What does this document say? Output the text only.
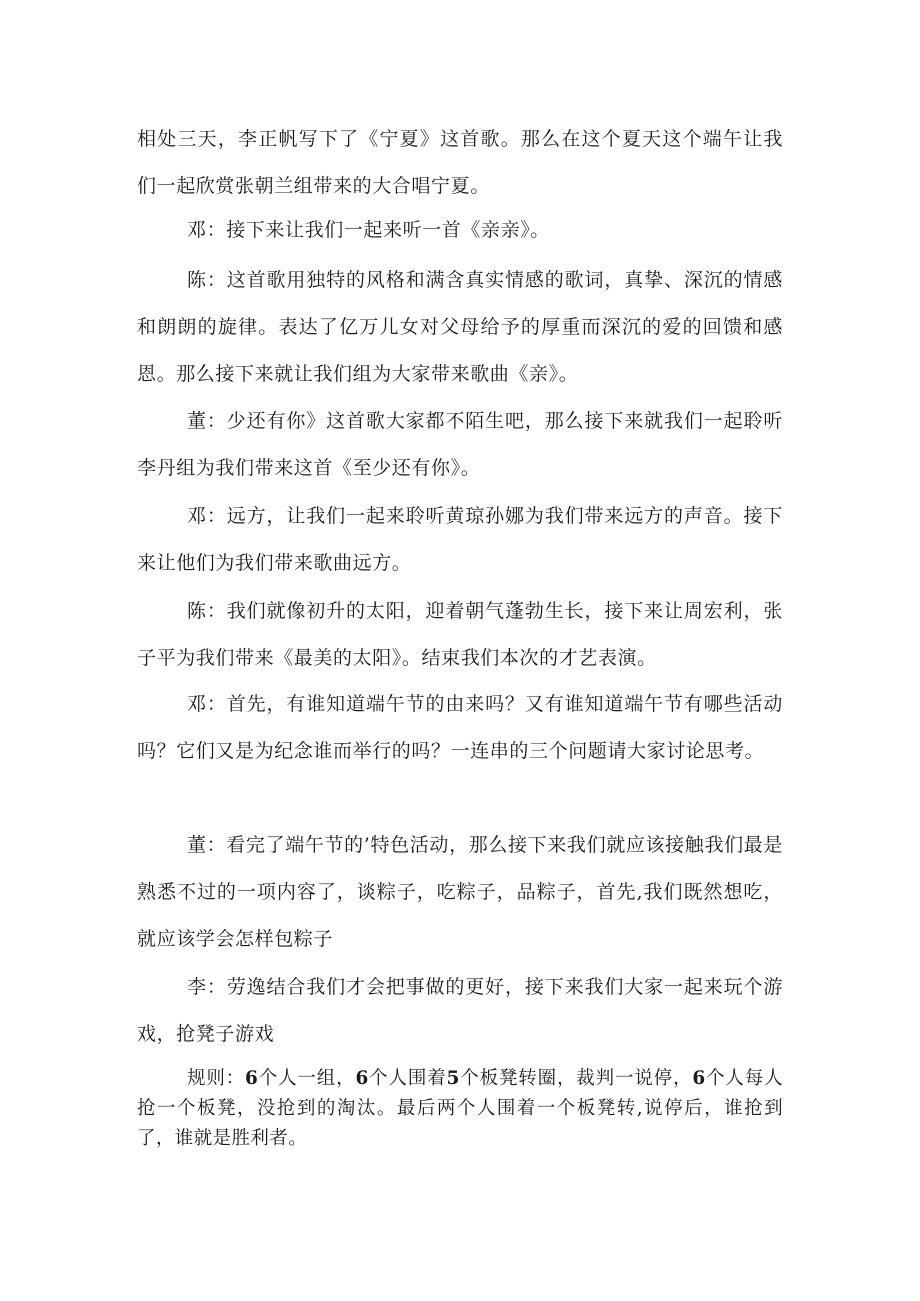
相处三天，李正帆写下了《宁夏》这首歌。那么在这个夏天这个端午让我们一起欣赏张朝兰组带来的大合唱宁夏。

邓：接下来让我们一起来听一首《亲亲》。

陈：这首歌用独特的风格和满含真实情感的歌词，真挚、深沉的情感和朗朗的旋律。表达了亿万儿女对父母给予的厚重而深沉的爱的回馈和感恩。那么接下来就让我们组为大家带来歌曲《亲》。

董：少还有你》这首歌大家都不陌生吧，那么接下来就我们一起聆听李丹组为我们带来这首《至少还有你》。

邓：远方，让我们一起来聆听黄琼孙娜为我们带来远方的声音。接下来让他们为我们带来歌曲远方。

陈：我们就像初升的太阳，迎着朝气蓬勃生长，接下来让周宏利，张子平为我们带来《最美的太阳》。结束我们本次的才艺表演。

邓：首先，有谁知道端午节的由来吗？又有谁知道端午节有哪些活动吗？它们又是为纪念谁而举行的吗？一连串的三个问题请大家讨论思考。

董：看完了端午节的’特色活动，那么接下来我们就应该接触我们最是熟悉不过的一项内容了，谈粽子，吃粽子，品粽子，首先,我们既然想吃，就应该学会怎样包粽子

李：劳逸结合我们才会把事做的更好，接下来我们大家一起来玩个游戏，抢凳子游戏

规则：6个人一组，6个人围着5个板凳转圈，裁判一说停，6个人每人抢一个板凳，没抢到的淘汰。最后两个人围着一个板凳转,说停后，谁抢到了，谁就是胜利者。
